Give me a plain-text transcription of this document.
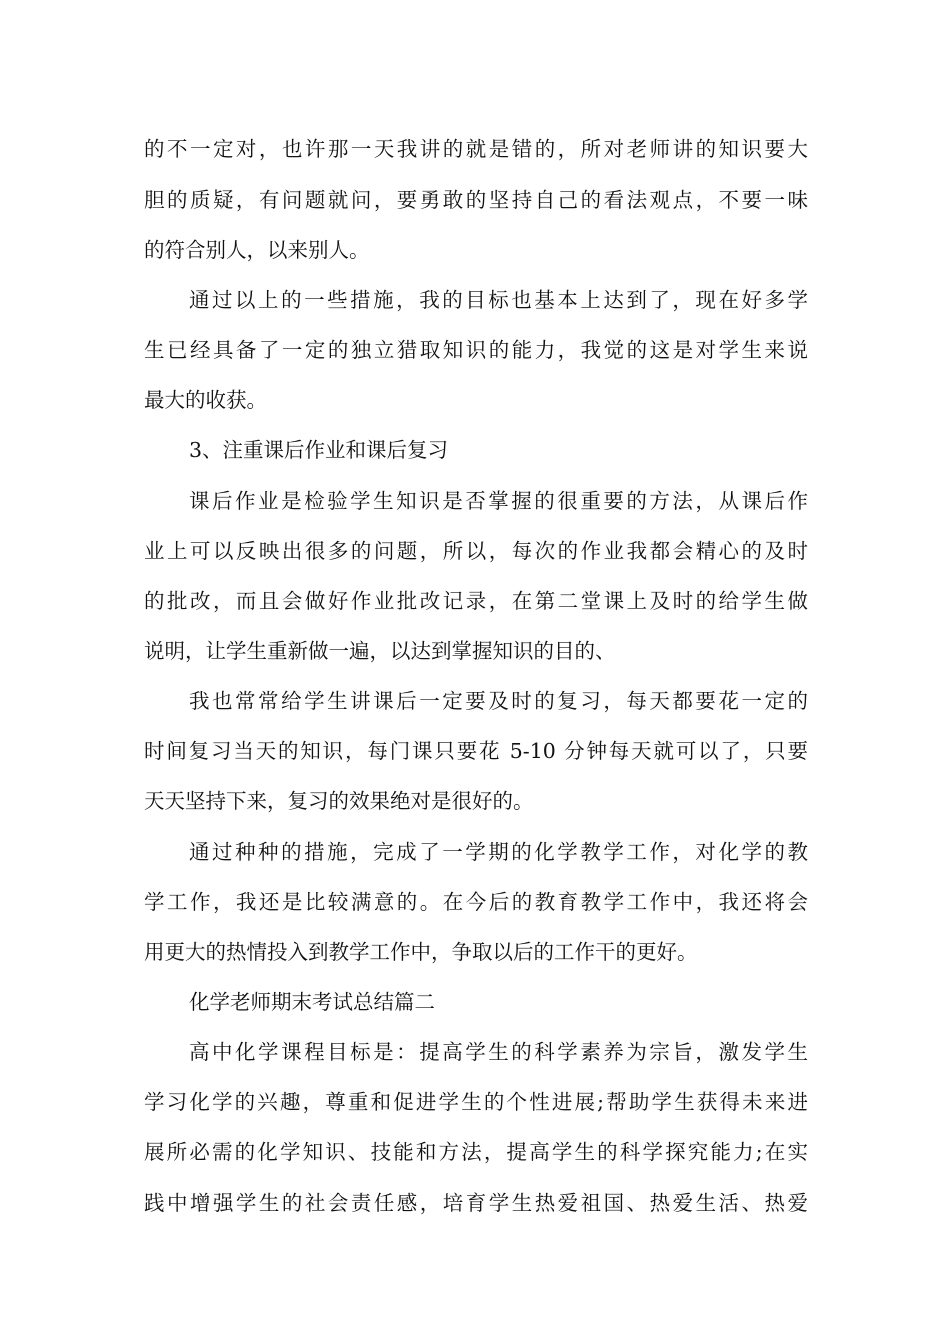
的不一定对，也许那一天我讲的就是错的，所对老师讲的知识要大
胆的质疑，有问题就问，要勇敢的坚持自己的看法观点，不要一味
的符合别人，以来别人。
通过以上的一些措施，我的目标也基本上达到了，现在好多学
生已经具备了一定的独立猎取知识的能力，我觉的这是对学生来说
最大的收获。
3、注重课后作业和课后复习
课后作业是检验学生知识是否掌握的很重要的方法，从课后作
业上可以反映出很多的问题，所以，每次的作业我都会精心的及时
的批改，而且会做好作业批改记录，在第二堂课上及时的给学生做
说明，让学生重新做一遍，以达到掌握知识的目的、
我也常常给学生讲课后一定要及时的复习，每天都要花一定的
时间复习当天的知识，每门课只要花 5-10 分钟每天就可以了，只要
天天坚持下来，复习的效果绝对是很好的。
通过种种的措施，完成了一学期的化学教学工作，对化学的教
学工作，我还是比较满意的。在今后的教育教学工作中，我还将会
用更大的热情投入到教学工作中，争取以后的工作干的更好。
化学老师期末考试总结篇二
高中化学课程目标是：提高学生的科学素养为宗旨，激发学生
学习化学的兴趣，尊重和促进学生的个性进展;帮助学生获得未来进
展所必需的化学知识、技能和方法，提高学生的科学探究能力;在实
践中增强学生的社会责任感，培育学生热爱祖国、热爱生活、热爱
